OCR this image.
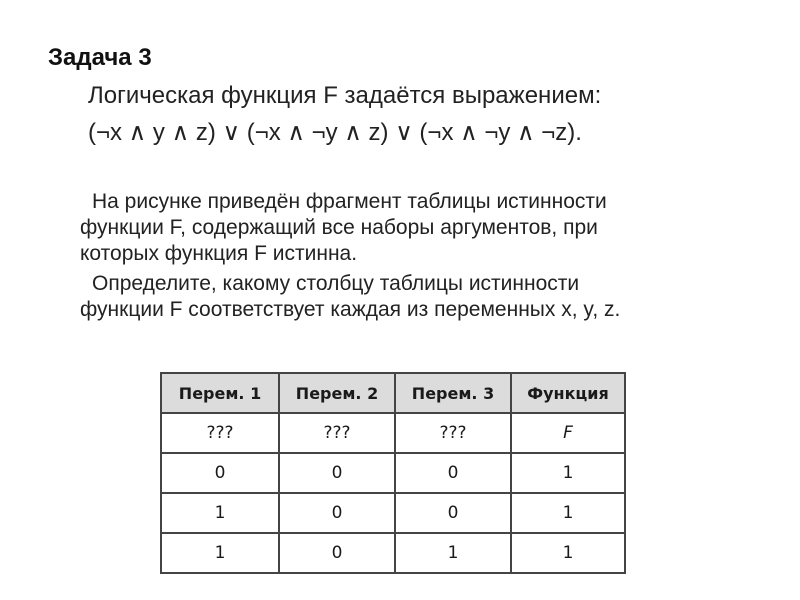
Задача 3
Логическая функция F задаётся выражением:
(¬x ∧ y ∧ z) ∨ (¬x ∧ ¬y ∧ z) ∨ (¬x ∧ ¬y ∧ ¬z).
На рисунке приведён фрагмент таблицы истинности
функции F, содержащий все наборы аргументов, при
которых функция F истинна.
Определите, какому столбцу таблицы истинности
функции F соответствует каждая из переменных x, y, z.
Перем. 1	Перем. 2	Перем. 3	Функция
???	???	???	F
0	0	0	1
1	0	0	1
1	0	1	1
